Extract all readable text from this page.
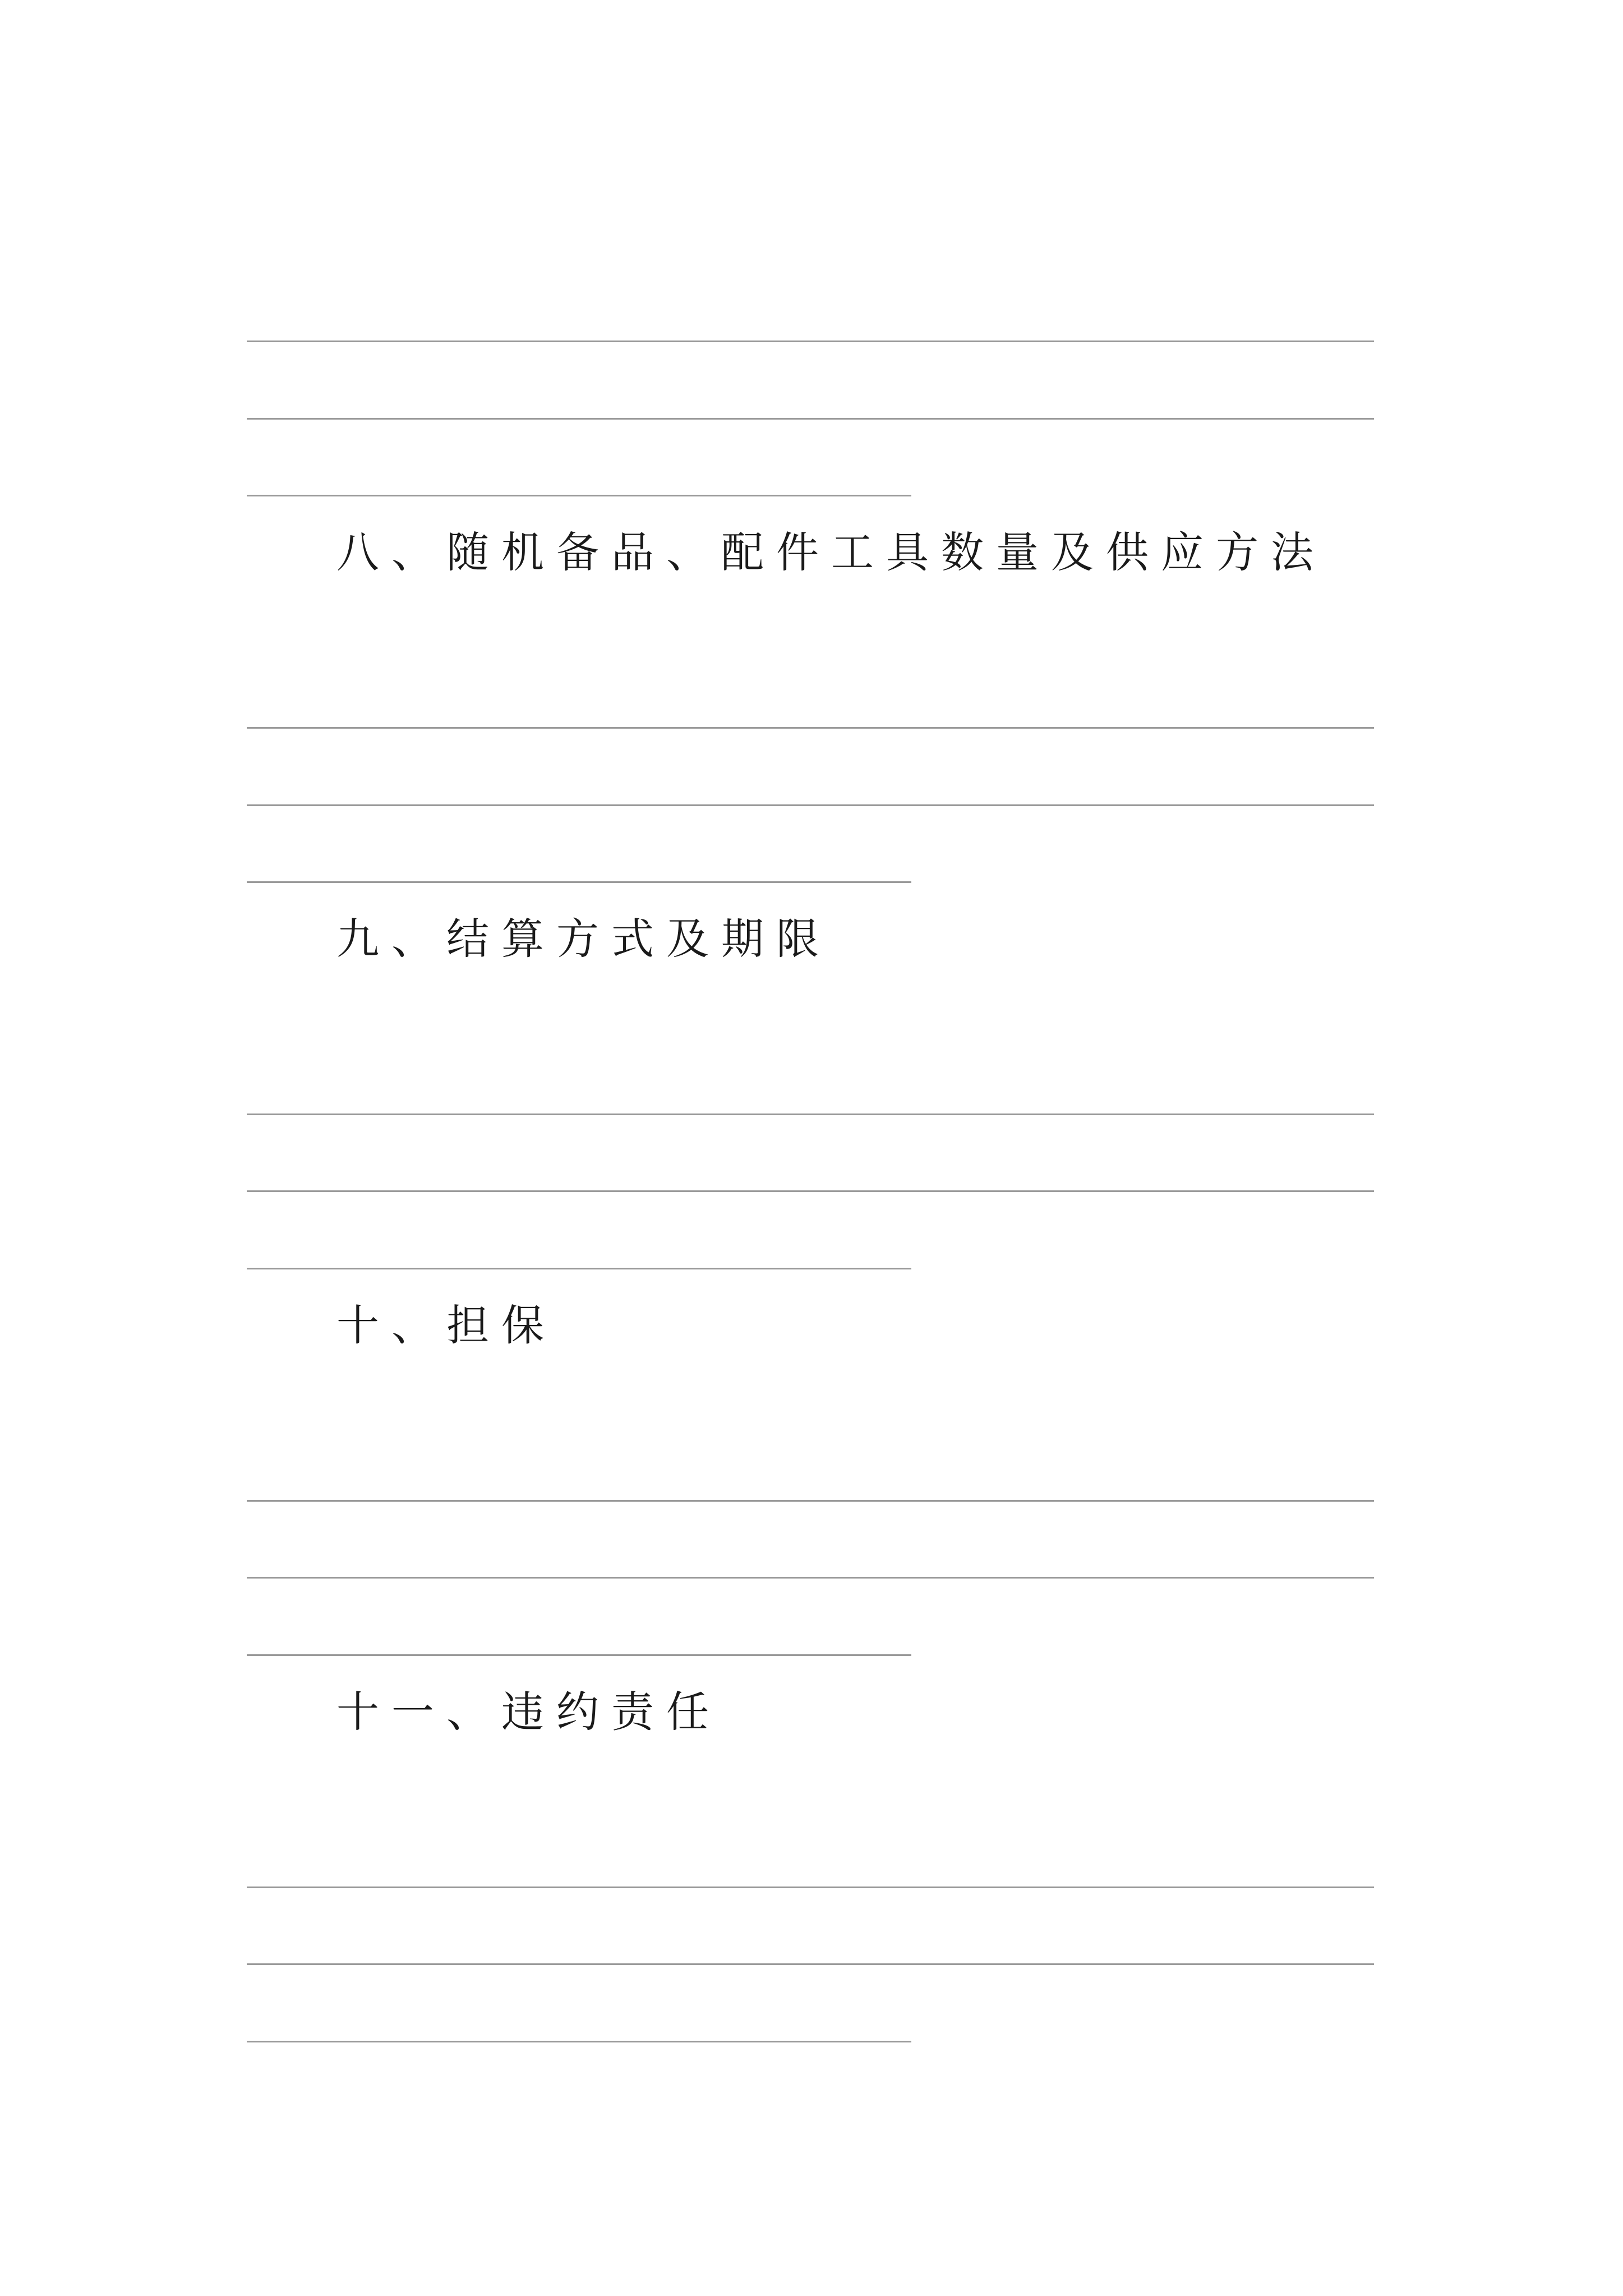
八、随机备品、配件工具数量及供应方法
九、结算方式及期限
十、担保
十一、违约责任
